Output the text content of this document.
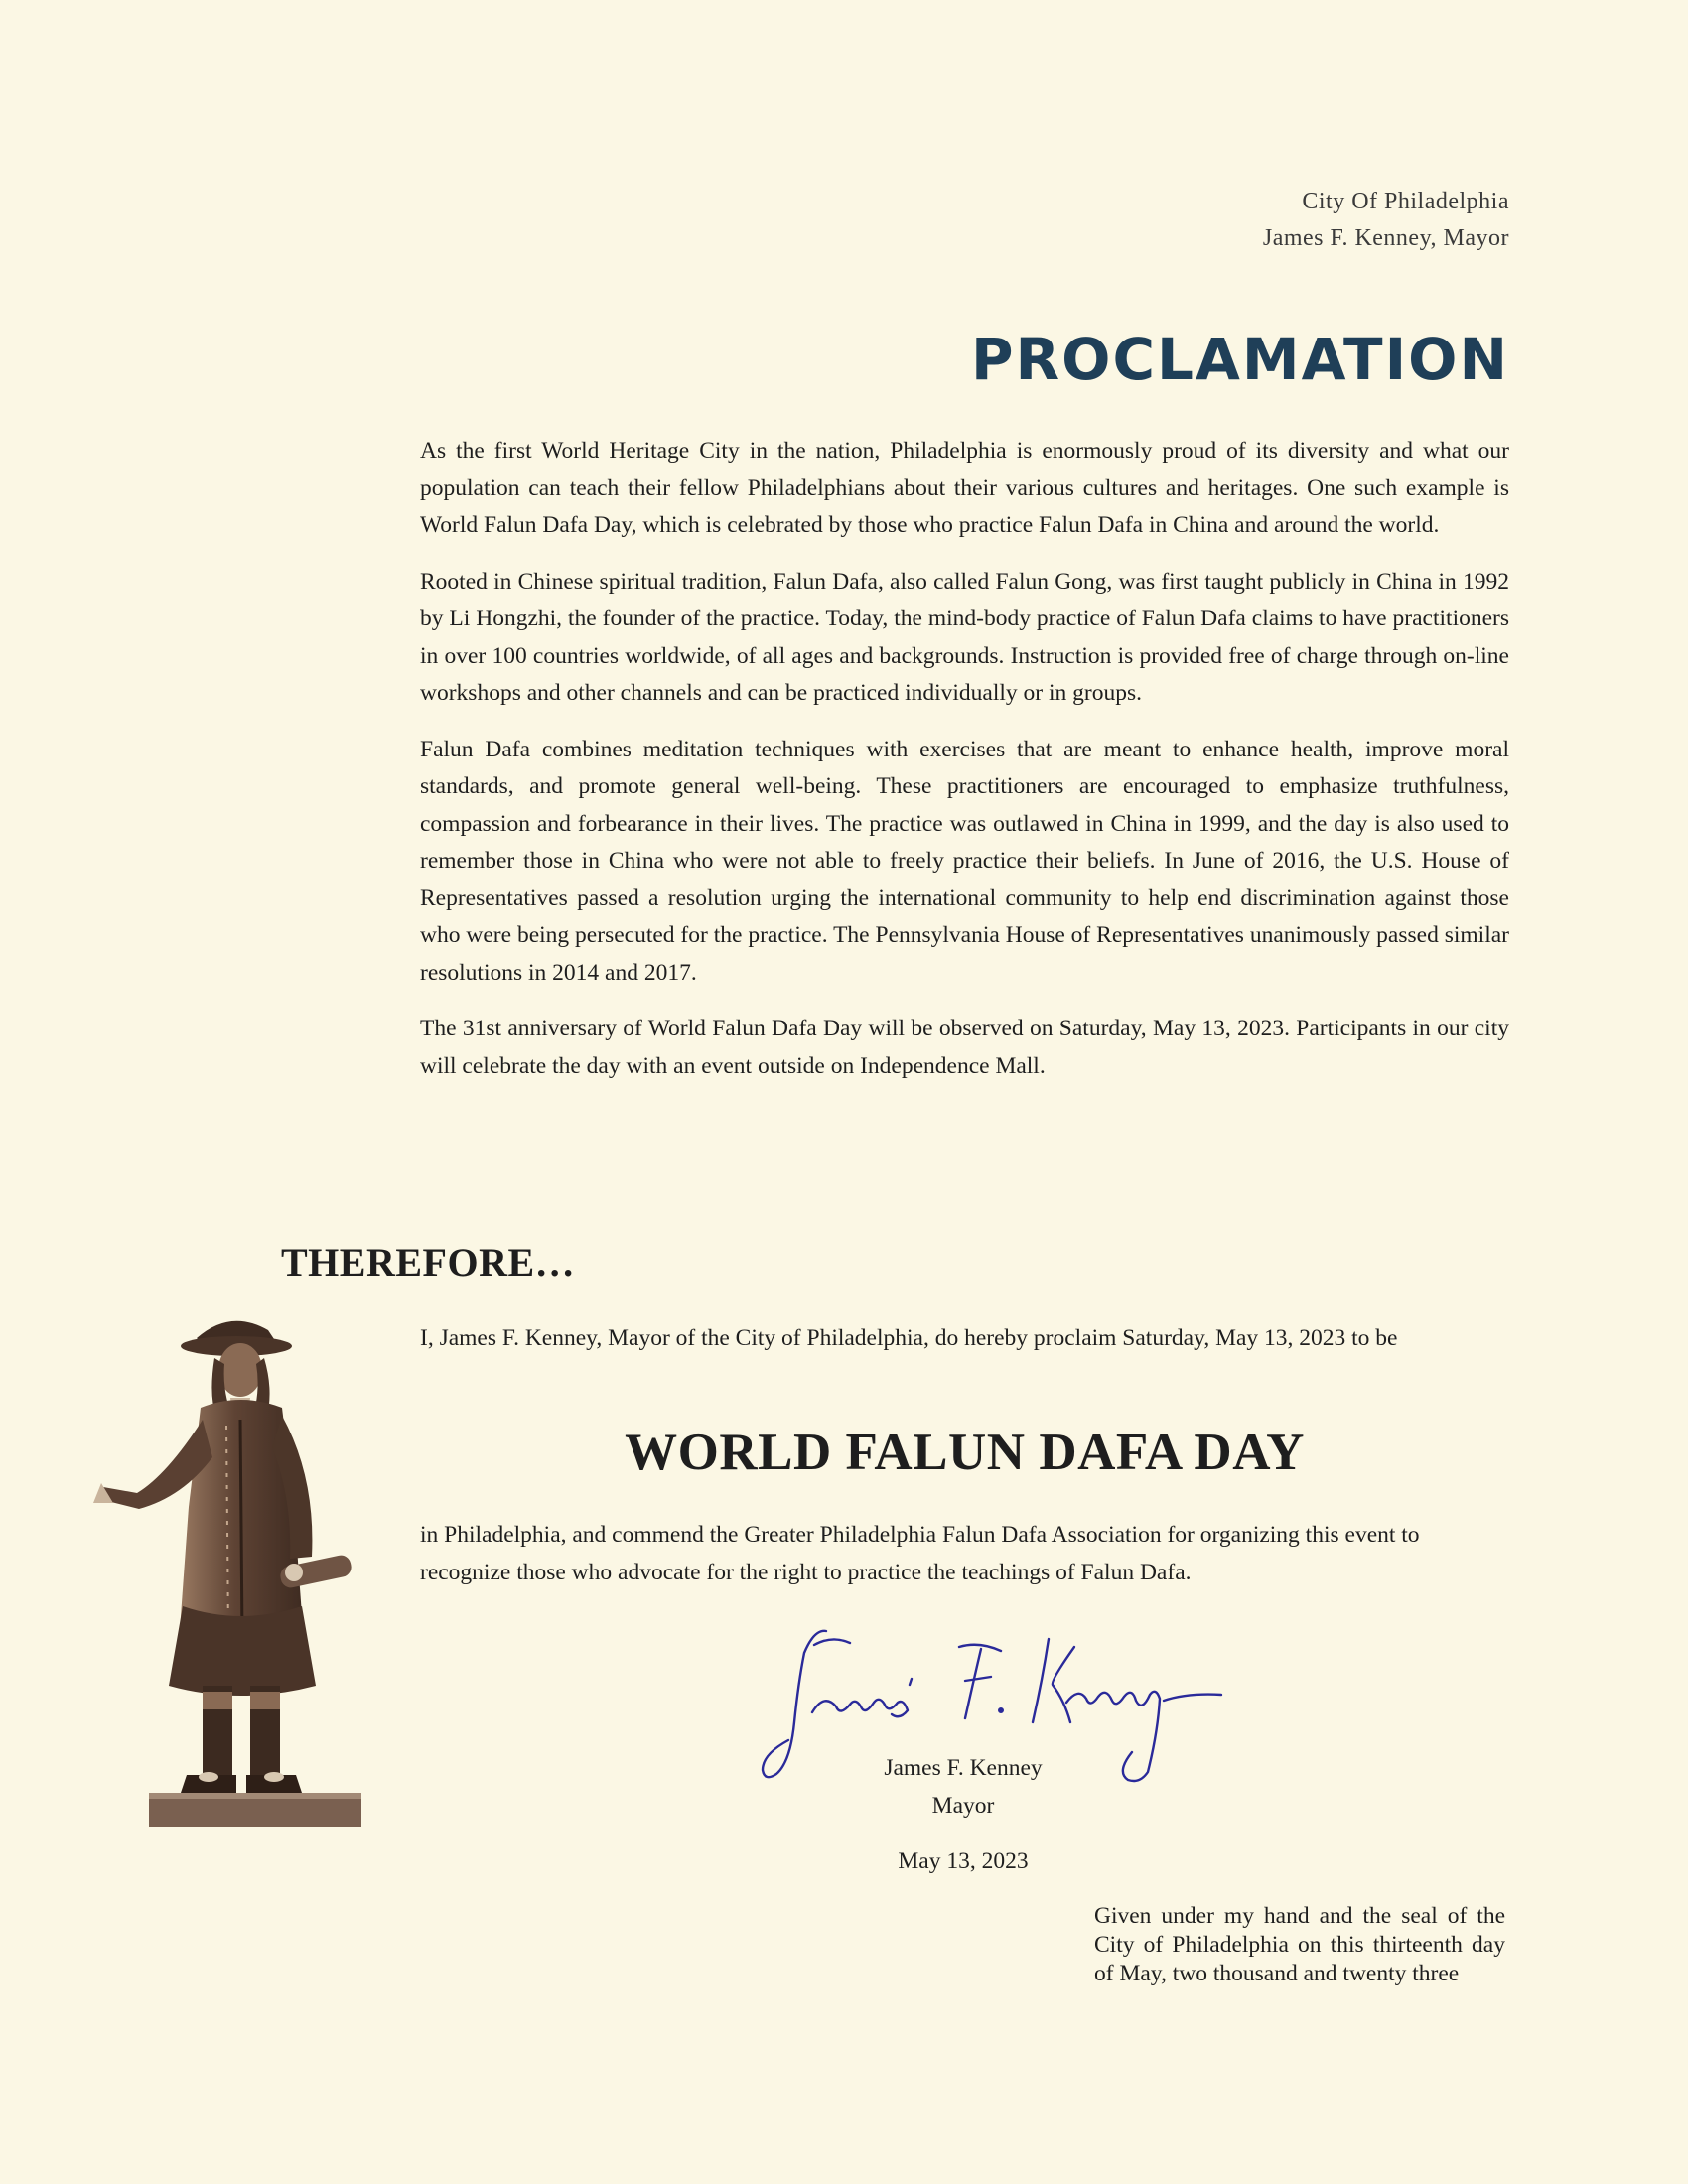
City Of Philadelphia
James F. Kenney, Mayor
PROCLAMATION

As the first World Heritage City in the nation, Philadelphia is enormously proud of its diversity and what our population can teach their fellow Philadelphians about their various cultures and heritages. One such example is World Falun Dafa Day, which is celebrated by those who practice Falun Dafa in China and around the world.

Rooted in Chinese spiritual tradition, Falun Dafa, also called Falun Gong, was first taught publicly in China in 1992 by Li Hongzhi, the founder of the practice. Today, the mind-body practice of Falun Dafa claims to have practitioners in over 100 countries worldwide, of all ages and backgrounds. Instruction is provided free of charge through on-line workshops and other channels and can be practiced individually or in groups.

Falun Dafa combines meditation techniques with exercises that are meant to enhance health, improve moral standards, and promote general well-being. These practitioners are encouraged to emphasize truthfulness, compassion and forbearance in their lives. The practice was outlawed in China in 1999, and the day is also used to remember those in China who were not able to freely practice their beliefs. In June of 2016, the U.S. House of Representatives passed a resolution urging the international community to help end discrimination against those who were being persecuted for the practice. The Pennsylvania House of Representatives unanimously passed similar resolutions in 2014 and 2017.

The 31st anniversary of World Falun Dafa Day will be observed on Saturday, May 13, 2023. Participants in our city will celebrate the day with an event outside on Independence Mall.

THEREFORE…
I, James F. Kenney, Mayor of the City of Philadelphia, do hereby proclaim Saturday, May 13, 2023 to be
WORLD FALUN DAFA DAY
in Philadelphia, and commend the Greater Philadelphia Falun Dafa Association for organizing this event to recognize those who advocate for the right to practice the teachings of Falun Dafa.
James F. Kenney
Mayor
May 13, 2023
Given under my hand and the seal of the City of Philadelphia on this thirteenth day of May, two thousand and twenty three
